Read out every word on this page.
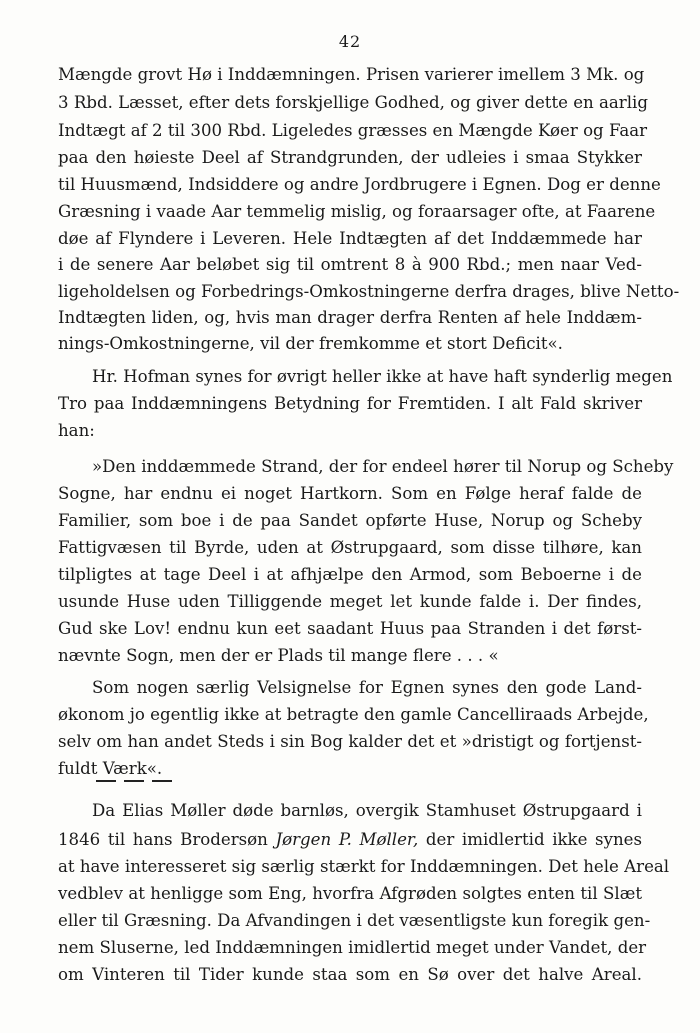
42
Mængde grovt Hø i Inddæmningen. Prisen varierer imellem 3 Mk. og
3 Rbd. Læsset, efter dets forskjellige Godhed, og giver dette en aarlig
Indtægt af 2 til 300 Rbd. Ligeledes græsses en Mængde Køer og Faar
paa den høieste Deel af Strandgrunden, der udleies i smaa Stykker
til Huusmænd, Indsiddere og andre Jordbrugere i Egnen. Dog er denne
Græsning i vaade Aar temmelig mislig, og foraarsager ofte, at Faarene
døe af Flyndere i Leveren. Hele Indtægten af det Inddæmmede har
i de senere Aar beløbet sig til omtrent 8 à 900 Rbd.; men naar Ved-
ligeholdelsen og Forbedrings-Omkostningerne derfra drages, blive Netto-
Indtægten liden, og, hvis man drager derfra Renten af hele Inddæm-
nings-Omkostningerne, vil der fremkomme et stort Deficit«.
Hr. Hofman synes for øvrigt heller ikke at have haft synderlig megen
Tro paa Inddæmningens Betydning for Fremtiden. I alt Fald skriver
han:
»Den inddæmmede Strand, der for endeel hører til Norup og Scheby
Sogne, har endnu ei noget Hartkorn. Som en Følge heraf falde de
Familier, som boe i de paa Sandet opførte Huse, Norup og Scheby
Fattigvæsen til Byrde, uden at Østrupgaard, som disse tilhøre, kan
tilpligtes at tage Deel i at afhjælpe den Armod, som Beboerne i de
usunde Huse uden Tilliggende meget let kunde falde i. Der findes,
Gud ske Lov! endnu kun eet saadant Huus paa Stranden i det først-
nævnte Sogn, men der er Plads til mange flere . . . «
Som nogen særlig Velsignelse for Egnen synes den gode Land-
økonom jo egentlig ikke at betragte den gamle Cancelliraads Arbejde,
selv om han andet Steds i sin Bog kalder det et »dristigt og fortjenst-
fuldt Værk«.
Da Elias Møller døde barnløs, overgik Stamhuset Østrupgaard i
1846 til hans Brodersøn Jørgen P. Møller, der imidlertid ikke synes
at have interesseret sig særlig stærkt for Inddæmningen. Det hele Areal
vedblev at henligge som Eng, hvorfra Afgrøden solgtes enten til Slæt
eller til Græsning. Da Afvandingen i det væsentligste kun foregik gen-
nem Sluserne, led Inddæmningen imidlertid meget under Vandet, der
om Vinteren til Tider kunde staa som en Sø over det halve Areal.
